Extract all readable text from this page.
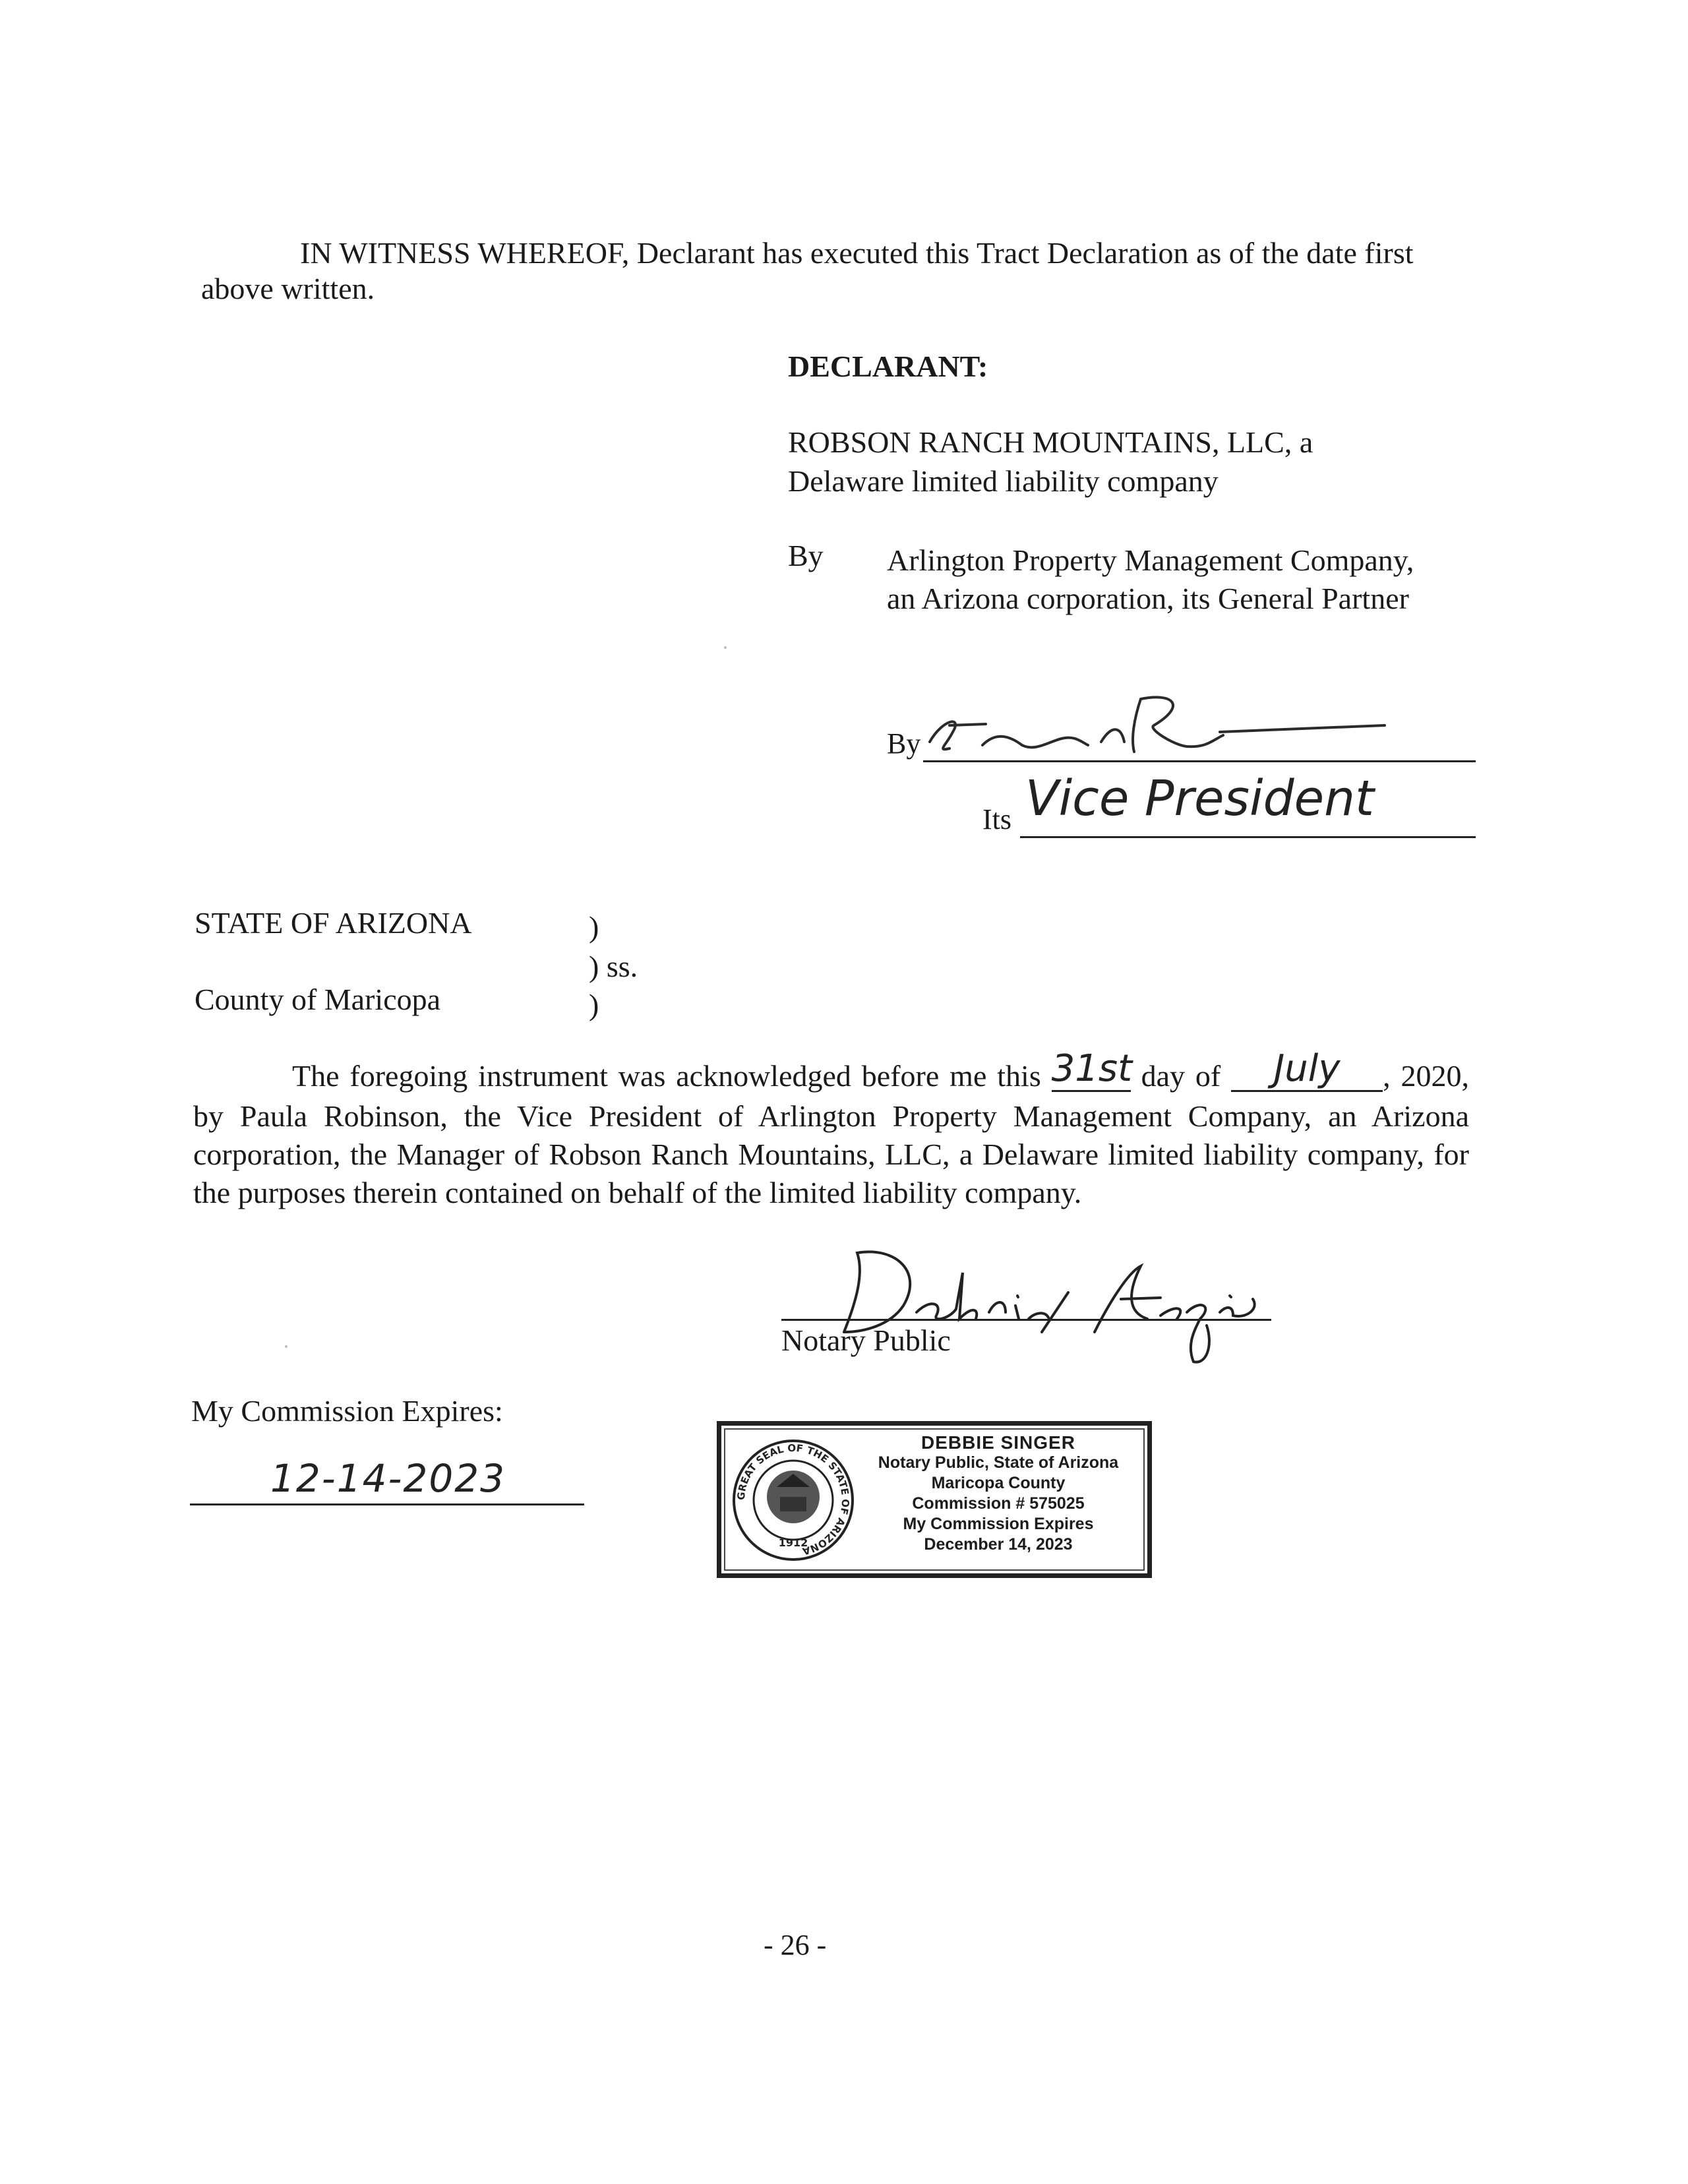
IN WITNESS WHEREOF, Declarant has executed this Tract Declaration as of the date first
above written.
DECLARANT:
ROBSON RANCH MOUNTAINS, LLC, a
Delaware limited liability company
By Arlington Property Management Company,
an Arizona corporation, its General Partner
By
Its Vice President
STATE OF ARIZONA	)
) ss.
County of Maricopa	)
The foregoing instrument was acknowledged before me this 31st day of July , 2020, by Paula Robinson, the Vice President of Arlington Property Management Company, an Arizona corporation, the Manager of Robson Ranch Mountains, LLC, a Delaware limited liability company, for the purposes therein contained on behalf of the limited liability company.
Notary Public
My Commission Expires:
12-14-2023	GREAT SEAL OF THE STATE OF ARIZONA
1912
DEBBIE SINGER
Notary Public, State of Arizona
Maricopa County
Commission # 575025
My Commission Expires
December 14, 2023
- 26 -
